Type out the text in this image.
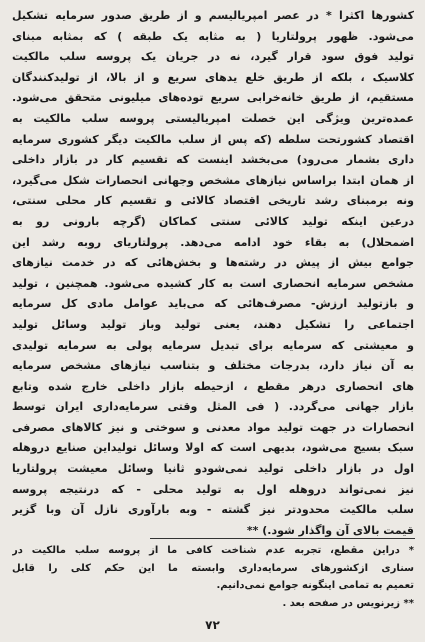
کشورها اکثرا * در عصر امپریالیسم و از طریق صدور سرمایه تشکیل
می‌شود. ظهور پرولتاریا ( به مثابه یک طبقه ) که بمثابه مبنای
تولید فوق سود قرار گیرد، نه در جریان یک پروسه سلب مالکیت
کلاسیک ، بلکه از طریق خلع یدهای سریع و از بالا، از تولیدکنندگان
مستقیم، از طریق خانه‌خرابی سریع توده‌های میلیونی متحقق می‌شود.
عمده‌ترین ویژگی این خصلت امپریالیستی پروسه سلب مالکیت به
اقتصاد کشورتحت سلطه (که پس از سلب مالکیت دیگر کشوری سرمایه
داری بشمار می‌رود) می‌بخشد اینست که تقسیم کار در بازار داخلی
از همان ابتدا براساس نیازهای مشخص وجهانی انحصارات شکل می‌گیرد،
ونه برمبنای رشد تاریخی اقتصاد کالائی و تقسیم کار محلی سنتی،
درعین اینکه تولید کالائی سنتی کماکان (گرچه بارونی رو به
اضمحلال) به بقاء خود ادامه می‌دهد. پرولتاریای روبه رشد این
جوامع بیش از پیش در رشته‌ها و بخش‌هائی که در خدمت نیازهای
مشخص سرمایه انحصاری است به کار کشیده می‌شود. همچنین ، تولید
و بازتولید ارزش- مصرف‌هائی که می‌باید عوامل مادی کل سرمایه
اجتماعی را تشکیل دهند، یعنی تولید وباز تولید وسائل تولید
و معیشتی که سرمایه برای تبدیل سرمایه پولی به سرمایه تولیدی
به آن نیاز دارد، بدرجات مختلف و بتناسب نیازهای مشخص سرمایه
های انحصاری درهر مقطع ، ازحیطه بازار داخلی خارج شده وتابع
بازار جهانی می‌گردد. ( فی المثل وقتی سرمایه‌داری ایران توسط
انحصارات در جهت تولید مواد معدنی و سوختی و نیز کالاهای مصرفی
سبک بسیج می‌شود، بدیهی است که اولا وسائل تولیداین صنایع دروهله
اول در بازار داخلی تولید نمی‌شودو ثانیا وسائل معیشت پرولتاریا
نیز نمی‌تواند دروهله اول به تولید محلی - که درنتیجه پروسه
سلب مالکیت محدودتر نیز گشته - وبه بارآوری نازل آن وبا گزیر
قیمت بالای آن واگذار شود.) **
* دراین مقطع، تجربه عدم شناخت کافی ما از پروسه سلب مالکیت در
سناری ازکشورهای سرمایه‌داری وابسته ما این حکم کلی را قابل
تعمیم به تمامی اینگونه جوامع نمی‌دانیم.
** زیرنویس در صفحه بعد .
۷۲
